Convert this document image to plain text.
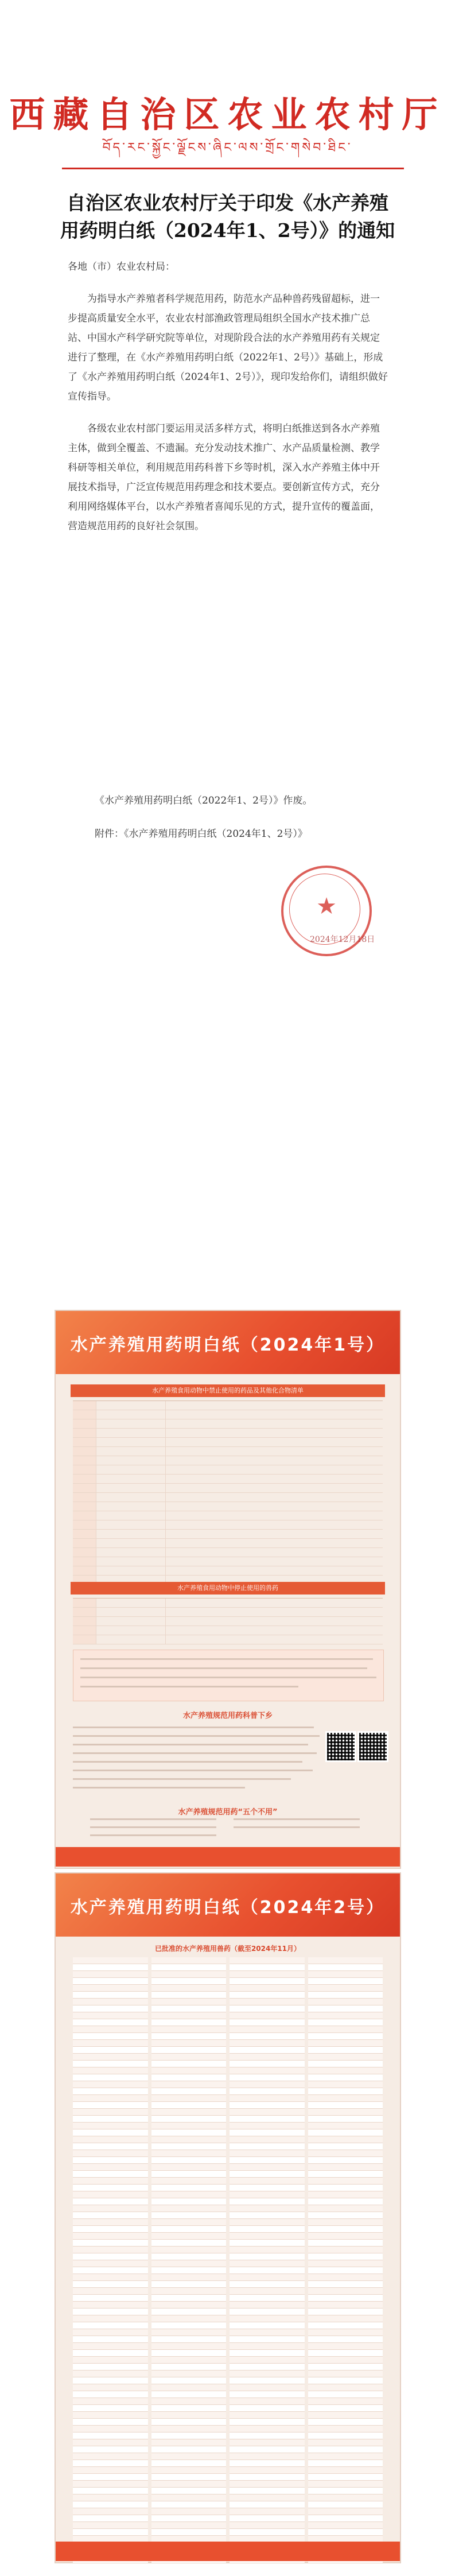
西藏自治区农业农村厅
བོད་རང་སྐྱོང་ལྗོངས་ཞིང་ལས་གྲོང་གསེབ་ཐིང་
自治区农业农村厅关于印发《水产养殖用药明白纸（2024年1、2号）》的通知

各地（市）农业农村局：

为指导水产养殖者科学规范用药，防范水产品种兽药残留超标，进一步提高质量安全水平，农业农村部渔政管理局组织全国水产技术推广总站、中国水产科学研究院等单位，对现阶段合法的水产养殖用药有关规定进行了整理，在《水产养殖用药明白纸（2022年1、2号）》基础上，形成了《水产养殖用药明白纸（2024年1、2号）》，现印发给你们，请组织做好宣传指导。

各级农业农村部门要运用灵活多样方式，将明白纸推送到各水产养殖主体，做到全覆盖、不遗漏。充分发动技术推广、水产品质量检测、教学科研等相关单位，利用规范用药科普下乡等时机，深入水产养殖主体中开展技术指导，广泛宣传规范用药理念和技术要点。要创新宣传方式，充分利用网络媒体平台，以水产养殖者喜闻乐见的方式，提升宣传的覆盖面，营造规范用药的良好社会氛围。

《水产养殖用药明白纸（2022年1、2号）》作废。
附件：《水产养殖用药明白纸（2024年1、2号）》
★
2024年12月18日
水产养殖用药明白纸（2024年1号）
水产养殖食用动物中禁止使用的药品及其他化合物清单
水产养殖食用动物中停止使用的兽药
水产养殖规范用药科普下乡
水产养殖规范用药“五个不用”
水产养殖用药明白纸（2024年2号）
已批准的水产养殖用兽药（截至2024年11月）
